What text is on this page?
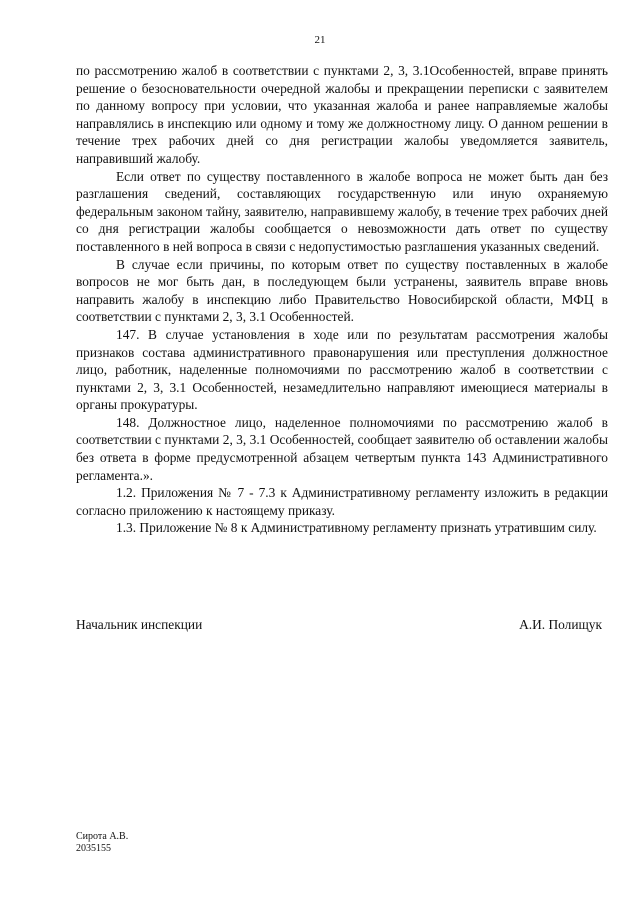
21

по рассмотрению жалоб в соответствии с пунктами 2, 3, 3.1Особенностей, вправе принять решение о безосновательности очередной жалобы и прекращении переписки с заявителем по данному вопросу при условии, что указанная жалоба и ранее направляемые жалобы направлялись в инспекцию или одному и тому же должностному лицу. О данном решении в течение трех рабочих дней со дня регистрации жалобы уведомляется заявитель, направивший жалобу.

Если ответ по существу поставленного в жалобе вопроса не может быть дан без разглашения сведений, составляющих государственную или иную охраняемую федеральным законом тайну, заявителю, направившему жалобу, в течение трех рабочих дней со дня регистрации жалобы сообщается о невозможности дать ответ по существу поставленного в ней вопроса в связи с недопустимостью разглашения указанных сведений.

В случае если причины, по которым ответ по существу поставленных в жалобе вопросов не мог быть дан, в последующем были устранены, заявитель вправе вновь направить жалобу в инспекцию либо Правительство Новосибирской области, МФЦ в соответствии с пунктами 2, 3, 3.1 Особенностей.

147. В случае установления в ходе или по результатам рассмотрения жалобы признаков состава административного правонарушения или преступления должностное лицо, работник, наделенные полномочиями по рассмотрению жалоб в соответствии с пунктами 2, 3, 3.1 Особенностей, незамедлительно направляют имеющиеся материалы в органы прокуратуры.

148. Должностное лицо, наделенное полномочиями по рассмотрению жалоб в соответствии с пунктами 2, 3, 3.1 Особенностей, сообщает заявителю об оставлении жалобы без ответа в форме предусмотренной абзацем четвертым пункта 143 Административного регламента.».

1.2. Приложения № 7 - 7.3 к Административному регламенту изложить в редакции согласно приложению к настоящему приказу.

1.3. Приложение № 8 к Административному регламенту признать утратившим силу.

Начальник инспекции	А.И. Полищук
Сирота А.В.
2035155
